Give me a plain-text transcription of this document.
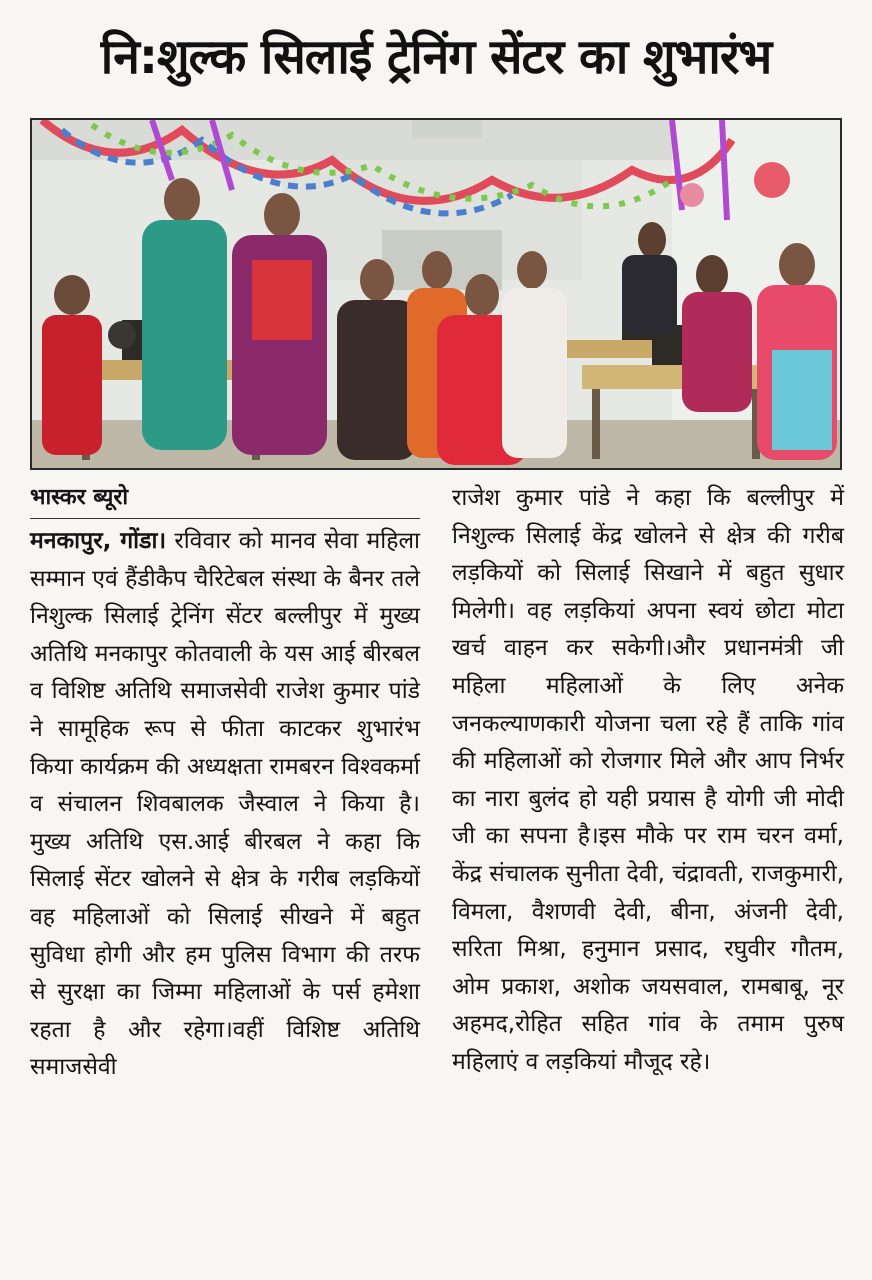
नि:शुल्क सिलाई ट्रेनिंग सेंटर का शुभारंभ
भास्कर ब्यूरो

मनकापुर, गोंडा। रविवार को मानव सेवा महिला सम्मान एवं हैंडीकैप चैरिटेबल संस्था के बैनर तले निशुल्क सिलाई ट्रेनिंग सेंटर बल्लीपुर में मुख्य अतिथि मनकापुर कोतवाली के यस आई बीरबल व विशिष्ट अतिथि समाजसेवी राजेश कुमार पांडे ने सामूहिक रूप से फीता काटकर शुभारंभ किया कार्यक्रम की अध्यक्षता रामबरन विश्वकर्मा व संचालन शिवबालक जैस्वाल ने किया है। मुख्य अतिथि एस.आई बीरबल ने कहा कि सिलाई सेंटर खोलने से क्षेत्र के गरीब लड़कियों वह महिलाओं को सिलाई सीखने में बहुत सुविधा होगी और हम पुलिस विभाग की तरफ से सुरक्षा का जिम्मा महिलाओं के पर्स हमेशा रहता है और रहेगा।वहीं विशिष्ट अतिथि समाजसेवी

राजेश कुमार पांडे ने कहा कि बल्लीपुर में निशुल्क सिलाई केंद्र खोलने से क्षेत्र की गरीब लड़कियों को सिलाई सिखाने में बहुत सुधार मिलेगी। वह लड़कियां अपना स्वयं छोटा मोटा खर्च वाहन कर सकेगी।और प्रधानमंत्री जी महिला महिलाओं के लिए अनेक जनकल्याणकारी योजना चला रहे हैं ताकि गांव की महिलाओं को रोजगार मिले और आप निर्भर का नारा बुलंद हो यही प्रयास है योगी जी मोदी जी का सपना है।इस मौके पर राम चरन वर्मा, केंद्र संचालक सुनीता देवी, चंद्रावती, राजकुमारी, विमला, वैशणवी देवी, बीना, अंजनी देवी, सरिता मिश्रा, हनुमान प्रसाद, रघुवीर गौतम, ओम प्रकाश, अशोक जयसवाल, रामबाबू, नूर अहमद,रोहित सहित गांव के तमाम पुरुष महिलाएं व लड़कियां मौजूद रहे।
